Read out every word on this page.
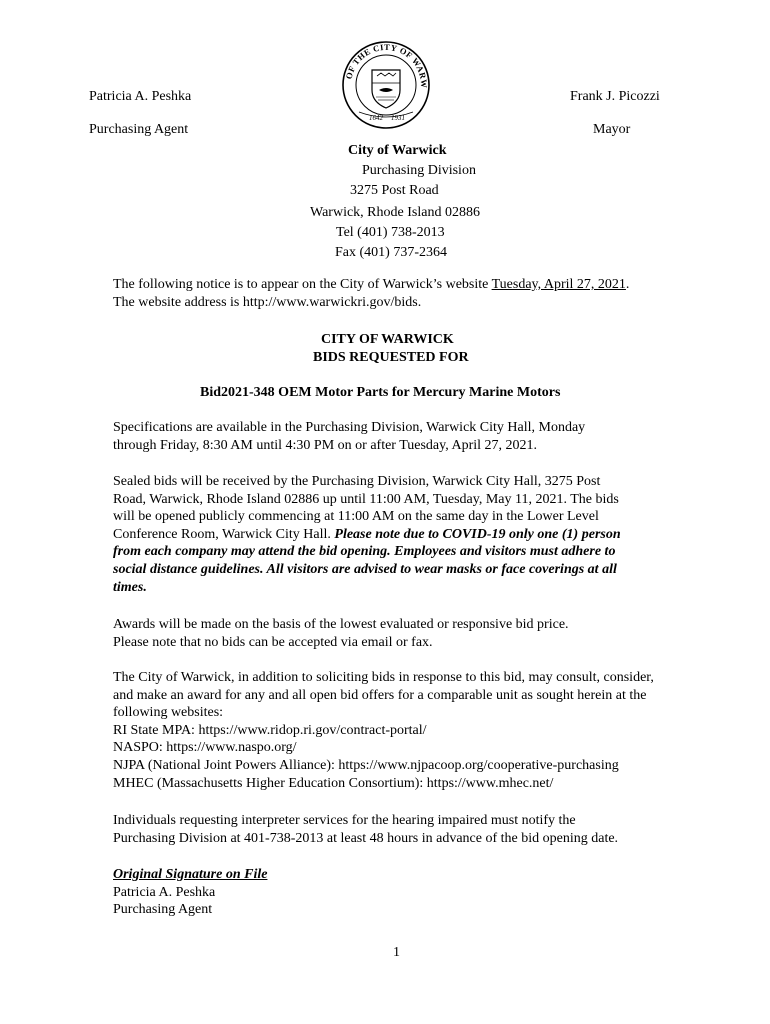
OF THE CITY OF WARW
1642 1931
Patricia A. Peshka
Purchasing Agent
Frank J. Picozzi
Mayor
City of Warwick
Purchasing Division
3275 Post Road
Warwick, Rhode Island 02886
Tel (401) 738-2013
Fax (401) 737-2364
The following notice is to appear on the City of Warwick’s website Tuesday, April 27, 2021.
The website address is http://www.warwickri.gov/bids.
CITY OF WARWICK
BIDS REQUESTED FOR
Bid2021-348 OEM Motor Parts for Mercury Marine Motors
Specifications are available in the Purchasing Division, Warwick City Hall, Monday
through Friday, 8:30 AM until 4:30 PM on or after Tuesday, April 27, 2021.
Sealed bids will be received by the Purchasing Division, Warwick City Hall, 3275 Post
Road, Warwick, Rhode Island 02886 up until 11:00 AM, Tuesday, May 11, 2021. The bids
will be opened publicly commencing at 11:00 AM on the same day in the Lower Level
Conference Room, Warwick City Hall. Please note due to COVID-19 only one (1) person
from each company may attend the bid opening. Employees and visitors must adhere to
social distance guidelines. All visitors are advised to wear masks or face coverings at all
times.
Awards will be made on the basis of the lowest evaluated or responsive bid price.
Please note that no bids can be accepted via email or fax.
The City of Warwick, in addition to soliciting bids in response to this bid, may consult, consider,
and make an award for any and all open bid offers for a comparable unit as sought herein at the
following websites:
RI State MPA: https://www.ridop.ri.gov/contract-portal/
NASPO: https://www.naspo.org/
NJPA (National Joint Powers Alliance): https://www.njpacoop.org/cooperative-purchasing
MHEC (Massachusetts Higher Education Consortium): https://www.mhec.net/
Individuals requesting interpreter services for the hearing impaired must notify the
Purchasing Division at 401-738-2013 at least 48 hours in advance of the bid opening date.
Original Signature on File
Patricia A. Peshka
Purchasing Agent
1
